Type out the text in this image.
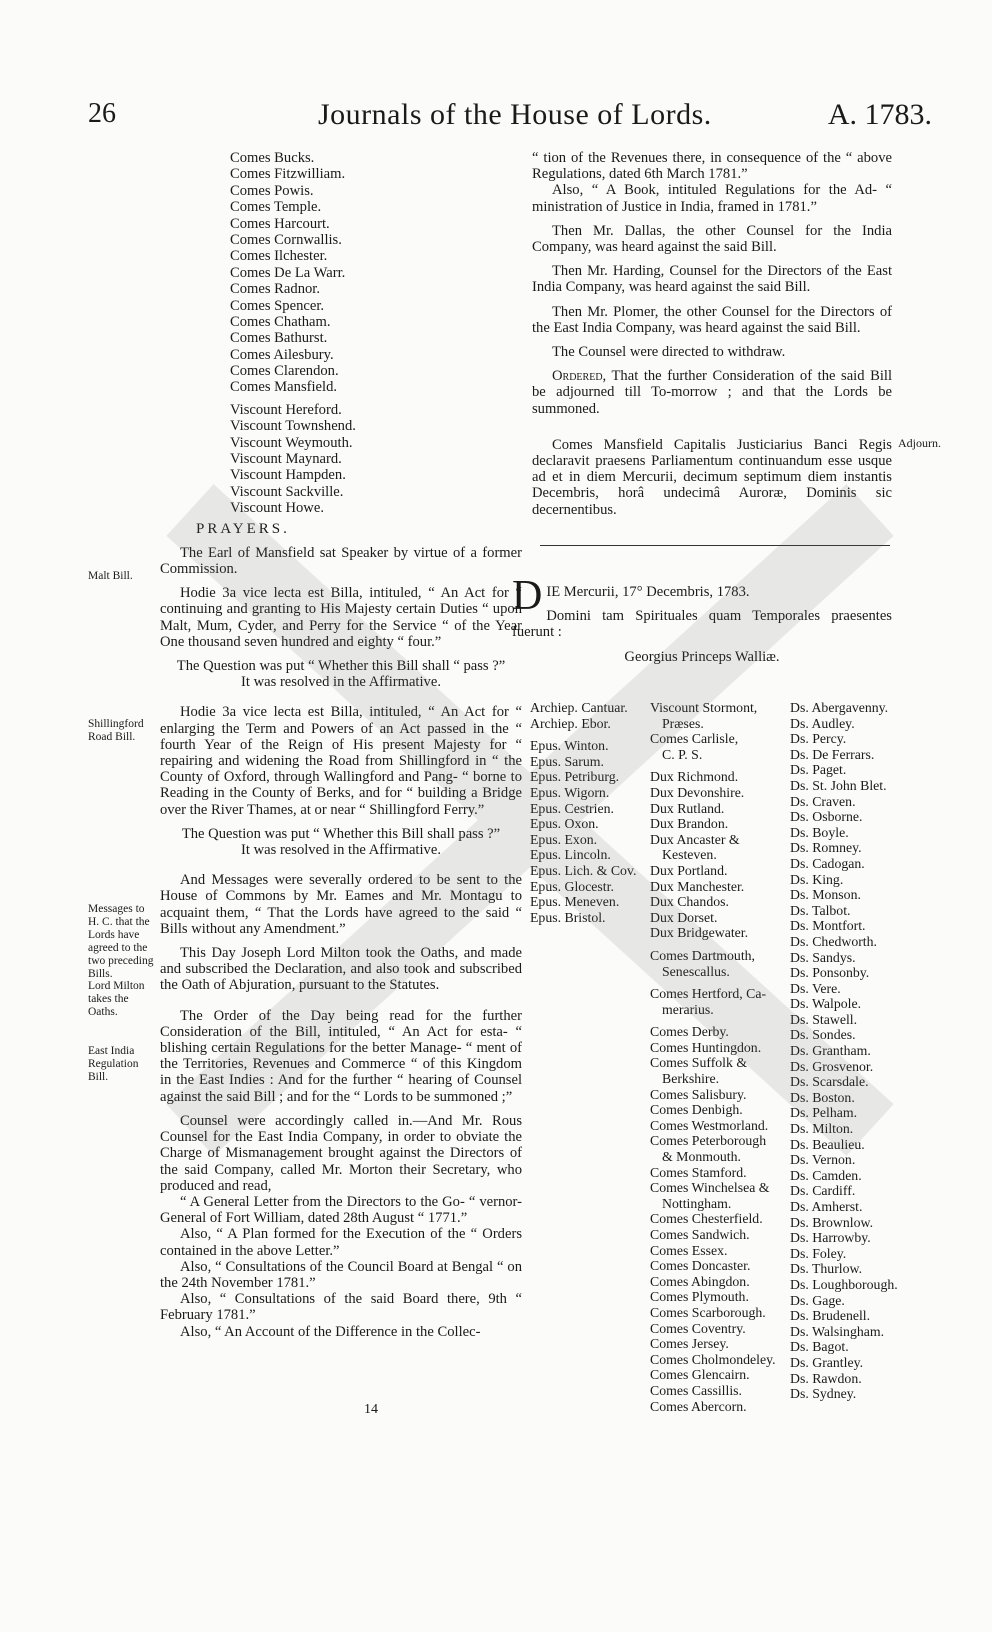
26	Journals of the House of Lords.	A. 1783.
Comes Bucks.
Comes Fitzwilliam.
Comes Powis.
Comes Temple.
Comes Harcourt.
Comes Cornwallis.
Comes Ilchester.
Comes De La Warr.
Comes Radnor.
Comes Spencer.
Comes Chatham.
Comes Bathurst.
Comes Ailesbury.
Comes Clarendon.
Comes Mansfield.
Viscount Hereford.
Viscount Townshend.
Viscount Weymouth.
Viscount Maynard.
Viscount Hampden.
Viscount Sackville.
Viscount Howe.
PRAYERS.

The Earl of Mansfield sat Speaker by virtue of a former Commission.

Hodie 3a vice lecta est Billa, intituled, “ An Act for “ continuing and granting to His Majesty certain Duties “ upon Malt, Mum, Cyder, and Perry for the Service “ of the Year One thousand seven hundred and eighty “ four.”

The Question was put “ Whether this Bill shall “ pass ?”

It was resolved in the Affirmative.

Hodie 3a vice lecta est Billa, intituled, “ An Act for “ enlarging the Term and Powers of an Act passed in the “ fourth Year of the Reign of His present Majesty for “ repairing and widening the Road from Shillingford in “ the County of Oxford, through Wallingford and Pang- “ borne to Reading in the County of Berks, and for “ building a Bridge over the River Thames, at or near “ Shillingford Ferry.”

The Question was put “ Whether this Bill shall pass ?”

It was resolved in the Affirmative.

And Messages were severally ordered to be sent to the House of Commons by Mr. Eames and Mr. Montagu to acquaint them, “ That the Lords have agreed to the said “ Bills without any Amendment.”

This Day Joseph Lord Milton took the Oaths, and made and subscribed the Declaration, and also took and subscribed the Oath of Abjuration, pursuant to the Statutes.

The Order of the Day being read for the further Consideration of the Bill, intituled, “ An Act for esta- “ blishing certain Regulations for the better Manage- “ ment of the Territories, Revenues and Commerce “ of this Kingdom in the East Indies : And for the further “ hearing of Counsel against the said Bill ; and for the “ Lords to be summoned ;”

Counsel were accordingly called in.—And Mr. Rous Counsel for the East India Company, in order to obviate the Charge of Mismanagement brought against the Directors of the said Company, called Mr. Morton their Secretary, who produced and read,

“ A General Letter from the Directors to the Go- “ vernor-General of Fort William, dated 28th August “ 1771.”

Also, “ A Plan formed for the Execution of the “ Orders contained in the above Letter.”

Also, “ Consultations of the Council Board at Bengal “ on the 24th November 1781.”

Also, “ Consultations of the said Board there, 9th “ February 1781.”

Also, “ An Account of the Difference in the Collec-

Malt Bill.
Shillingford Road Bill.
Messages to H. C. that the Lords have agreed to the two preceding Bills.
Lord Milton takes the Oaths.
East India Regulation Bill.

“ tion of the Revenues there, in consequence of the “ above Regulations, dated 6th March 1781.”

Also, “ A Book, intituled Regulations for the Ad- “ ministration of Justice in India, framed in 1781.”

Then Mr. Dallas, the other Counsel for the India Company, was heard against the said Bill.

Then Mr. Harding, Counsel for the Directors of the East India Company, was heard against the said Bill.

Then Mr. Plomer, the other Counsel for the Directors of the East India Company, was heard against the said Bill.

The Counsel were directed to withdraw.

Ordered, That the further Consideration of the said Bill be adjourned till To-morrow ; and that the Lords be summoned.

Comes Mansfield Capitalis Justiciarius Banci Regis declaravit praesens Parliamentum continuandum esse usque ad et in diem Mercurii, decimum septimum diem instantis Decembris, horâ undecimâ Auroræ, Dominis sic decernentibus.

Adjourn.
D IE Mercurii, 17° Decembris, 1783.
Domini tam Spirituales quam Temporales praesentes fuerunt :
Georgius Princeps Walliæ.
Archiep. Cantuar.
Archiep. Ebor.
Epus. Winton.
Epus. Sarum.
Epus. Petriburg.
Epus. Wigorn.
Epus. Cestrien.
Epus. Oxon.
Epus. Exon.
Epus. Lincoln.
Epus. Lich. & Cov.
Epus. Glocestr.
Epus. Meneven.
Epus. Bristol.
Viscount Stormont,
Præses.
Comes Carlisle,
C. P. S.
Dux Richmond.
Dux Devonshire.
Dux Rutland.
Dux Brandon.
Dux Ancaster &
Kesteven.
Dux Portland.
Dux Manchester.
Dux Chandos.
Dux Dorset.
Dux Bridgewater.
Comes Dartmouth,
Senescallus.
Comes Hertford, Ca-
merarius.
Comes Derby.
Comes Huntingdon.
Comes Suffolk &
Berkshire.
Comes Salisbury.
Comes Denbigh.
Comes Westmorland.
Comes Peterborough
& Monmouth.
Comes Stamford.
Comes Winchelsea &
Nottingham.
Comes Chesterfield.
Comes Sandwich.
Comes Essex.
Comes Doncaster.
Comes Abingdon.
Comes Plymouth.
Comes Scarborough.
Comes Coventry.
Comes Jersey.
Comes Cholmondeley.
Comes Glencairn.
Comes Cassillis.
Comes Abercorn.
Ds. Abergavenny.
Ds. Audley.
Ds. Percy.
Ds. De Ferrars.
Ds. Paget.
Ds. St. John Blet.
Ds. Craven.
Ds. Osborne.
Ds. Boyle.
Ds. Romney.
Ds. Cadogan.
Ds. King.
Ds. Monson.
Ds. Talbot.
Ds. Montfort.
Ds. Chedworth.
Ds. Sandys.
Ds. Ponsonby.
Ds. Vere.
Ds. Walpole.
Ds. Stawell.
Ds. Sondes.
Ds. Grantham.
Ds. Grosvenor.
Ds. Scarsdale.
Ds. Boston.
Ds. Pelham.
Ds. Milton.
Ds. Beaulieu.
Ds. Vernon.
Ds. Camden.
Ds. Cardiff.
Ds. Amherst.
Ds. Brownlow.
Ds. Harrowby.
Ds. Foley.
Ds. Thurlow.
Ds. Loughborough.
Ds. Gage.
Ds. Brudenell.
Ds. Walsingham.
Ds. Bagot.
Ds. Grantley.
Ds. Rawdon.
Ds. Sydney.
14
